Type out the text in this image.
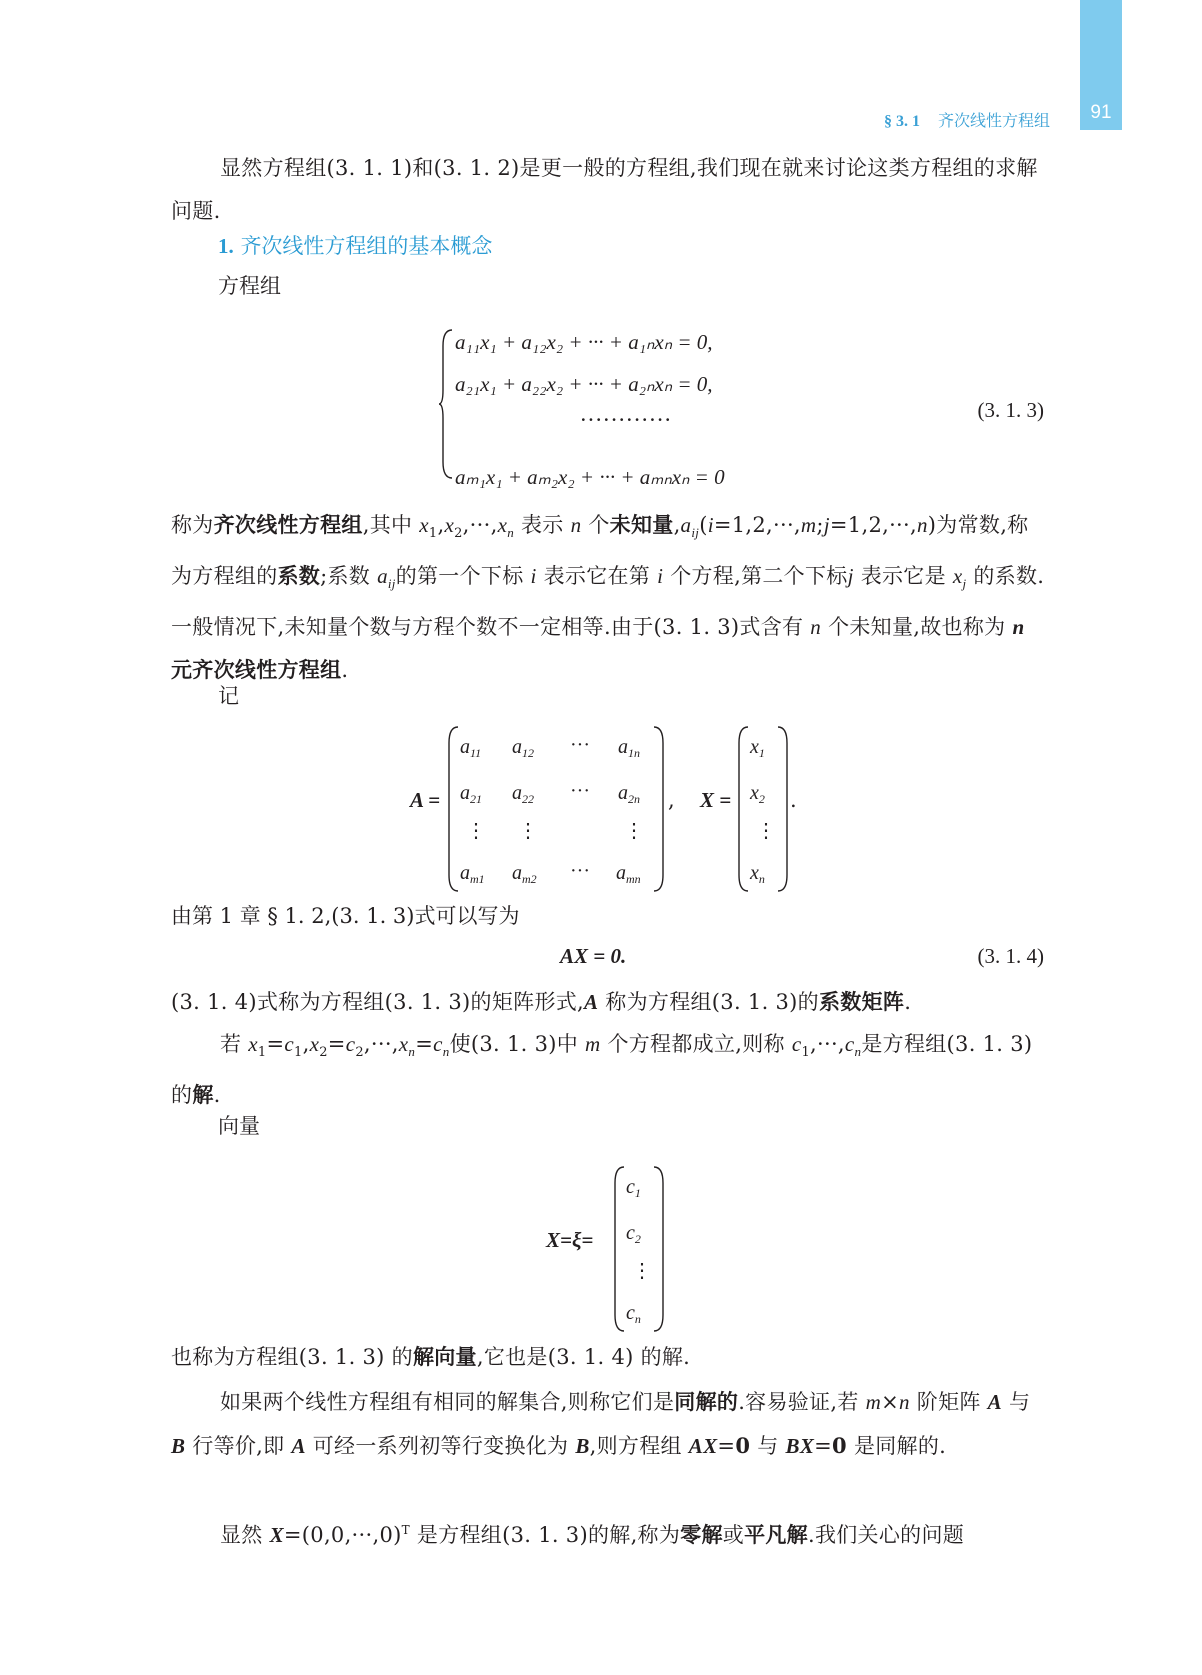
91
§ 3. 1 齐次线性方程组
显然方程组(3. 1. 1)和(3. 1. 2)是更一般的方程组,我们现在就来讨论这类方程组的求解问题.
1. 齐次线性方程组的基本概念
方程组
a₁₁x₁ + a₁₂x₂ + ··· + a₁ₙxₙ = 0,
a₂₁x₁ + a₂₂x₂ + ··· + a₂ₙxₙ = 0,
············
aₘ₁x₁ + aₘ₂x₂ + ··· + aₘₙxₙ = 0
(3. 1. 3)
称为齐次线性方程组,其中 $x_1,x_2,\cdot\cdot\cdot,x_n$ 表示 n 个未知量$,a_{ij}(i=1,2,\cdot\cdot\cdot,m;j=1,2,\cdot\cdot\cdot,n)$为常数,称为方程组的系数;系数 $a_{ij}$的第一个下标 i 表示它在第 i 个方程,第二个下标j 表示它是 $x_j$ 的系数.一般情况下,未知量个数与方程个数不一定相等.由于(3. 1. 3)式含有 n 个未知量,故也称为 n 元齐次线性方程组.
记
A =
$a_{11}$ $a_{12}$ ··· $a_{1n}$
$a_{21}$ $a_{22}$ ··· $a_{2n}$
⋮ ⋮	⋮
$a_{m1}$ $a_{m2}$ ··· $a_{mn}$
, X =
$x_1$
$x_2$
⋮
$x_n$
.
由第 1 章 § 1. 2,(3. 1. 3)式可以写为
AX = 0.	(3. 1. 4)
(3. 1. 4)式称为方程组(3. 1. 3)的矩阵形式,A 称为方程组(3. 1. 3)的系数矩阵.
若 $x_1=c_1,x_2=c_2,\cdot\cdot\cdot,x_n=c_n$使(3. 1. 3)中 m 个方程都成立,则称 $c_1,\cdot\cdot\cdot,c_n$是方程组(3. 1. 3)的解.
向量
X=ξ=
$c_1$
$c_2$
⋮
$c_n$
也称为方程组(3. 1. 3) 的解向量,它也是(3. 1. 4) 的解.
如果两个线性方程组有相同的解集合,则称它们是同解的.容易验证,若 m×n 阶矩阵 A 与 B 行等价,即 A 可经一系列初等行变换化为 B,则方程组 AX=0 与 BX=0 是同解的.
显然 $X=(0,0,\cdot\cdot\cdot,0)^T$ 是方程组(3. 1. 3)的解,称为零解或平凡解.我们关心的问题
